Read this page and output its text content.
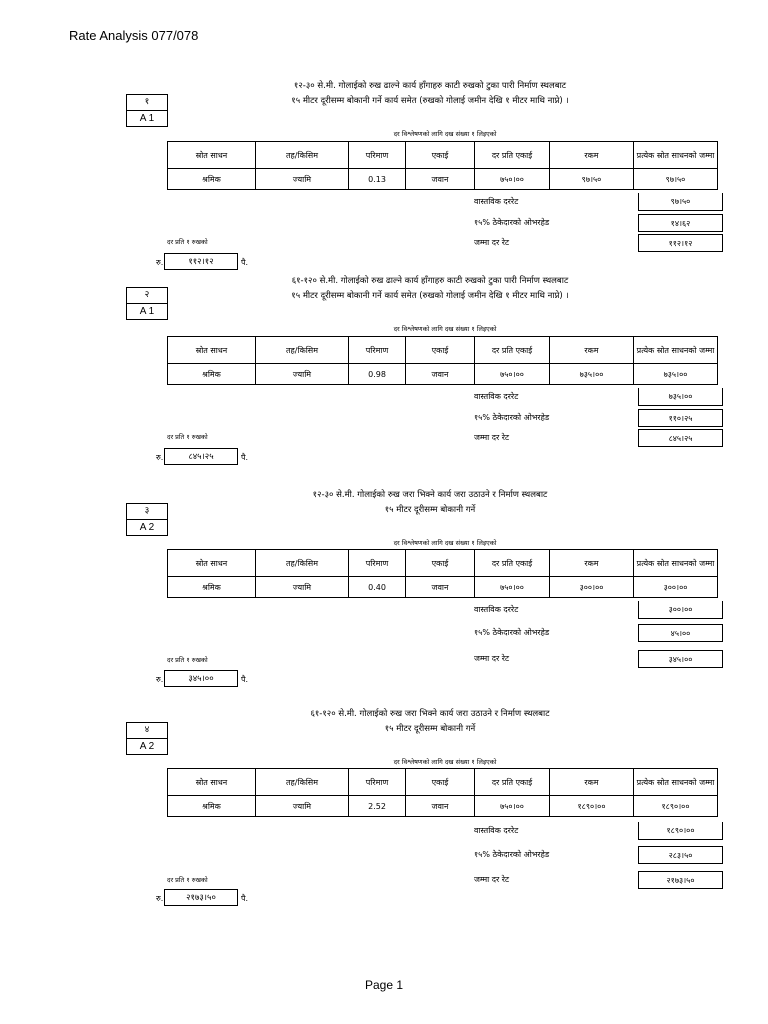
Rate Analysis 077/078
१
A 1
१२-३० से.मी. गोलाईको रुख ढाल्ने कार्य हाँगाहरु काटी रुखको टुका पारी निर्माण स्थलबाट
१५ मीटर दूरीसम्म बोकानी गर्ने कार्य समेत (रुखको गोलाई जमीन देखि १ मीटर माथि नाप्ने) ।
दर विश्लेषणको लागि दख संख्या १ लिइएको
स्रोत साधन	तह/किसिम	परिमाण	एकाई	दर प्रति एकाई	रकम	प्रत्येक स्रोत साधनको जम्मा
श्रमिक	ज्यामि	0.13	जवान	७५०।००	९७।५०	९७।५०
वास्तविक दररेट	९७।५०
१५% ठेकेदारको ओभरहेड	१४।६२
दर प्रति १ रुखको	जम्मा दर रेट	११२।१२
रु.	११२।१२	पै.
२
A 1
६१-१२० से.मी. गोलाईको रुख ढाल्ने कार्य हाँगाहरु काटी रुखको टुका पारी निर्माण स्थलबाट
१५ मीटर दूरीसम्म बोकानी गर्ने कार्य समेत (रुखको गोलाई जमीन देखि १ मीटर माथि नाप्ने) ।
दर विश्लेषणको लागि दख संख्या १ लिइएको
स्रोत साधन	तह/किसिम	परिमाण	एकाई	दर प्रति एकाई	रकम	प्रत्येक स्रोत साधनको जम्मा
श्रमिक	ज्यामि	0.98	जवान	७५०।००	७३५।००	७३५।००
वास्तविक दररेट	७३५।००
१५% ठेकेदारको ओभरहेड	११०।२५
दर प्रति १ रुखको	जम्मा दर रेट	८४५।२५
रु.	८४५।२५	पै.
३
A 2
१२-३० से.मी. गोलाईको रुख जरा भिक्ने कार्य जरा उठाउने र निर्माण स्थलबाट
१५ मीटर दूरीसम्म बोकानी गर्ने
दर विश्लेषणको लागि दख संख्या १ लिइएको
स्रोत साधन	तह/किसिम	परिमाण	एकाई	दर प्रति एकाई	रकम	प्रत्येक स्रोत साधनको जम्मा
श्रमिक	ज्यामि	0.40	जवान	७५०।००	३००।००	३००।००
वास्तविक दररेट	३००।००
१५% ठेकेदारको ओभरहेड	४५।००
दर प्रति १ रुखको	जम्मा दर रेट	३४५।००
रु.	३४५।००	पै.
४
A 2
६१-१२० से.मी. गोलाईको रुख जरा भिक्ने कार्य जरा उठाउने र निर्माण स्थलबाट
१५ मीटर दूरीसम्म बोकानी गर्ने
दर विश्लेषणको लागि दख संख्या १ लिइएको
स्रोत साधन	तह/किसिम	परिमाण	एकाई	दर प्रति एकाई	रकम	प्रत्येक स्रोत साधनको जम्मा
श्रमिक	ज्यामि	2.52	जवान	७५०।००	१८९०।००	१८९०।००
वास्तविक दररेट	१८९०।००
१५% ठेकेदारको ओभरहेड	२८३।५०
दर प्रति १ रुखको	जम्मा दर रेट	२१७३।५०
रु.	२१७३।५०	पै.
Page 1
